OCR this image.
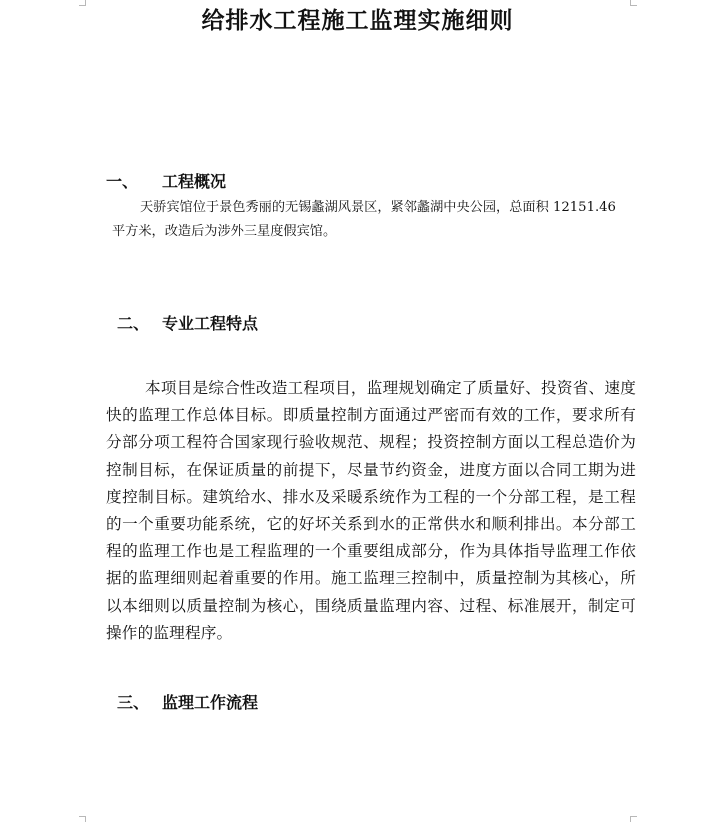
给排水工程施工监理实施细则
一、 工程概况
天骄宾馆位于景色秀丽的无锡蠡湖风景区，紧邻蠡湖中央公园，总面积 12151.46
平方米，改造后为涉外三星度假宾馆。
二、 专业工程特点
本项目是综合性改造工程项目，监理规划确定了质量好、投资省、速度快的监理工作总体目标。即质量控制方面通过严密而有效的工作，要求所有分部分项工程符合国家现行验收规范、规程；投资控制方面以工程总造价为控制目标，在保证质量的前提下，尽量节约资金，进度方面以合同工期为进度控制目标。建筑给水、排水及采暖系统作为工程的一个分部工程，是工程的一个重要功能系统，它的好坏关系到水的正常供水和顺利排出。本分部工程的监理工作也是工程监理的一个重要组成部分，作为具体指导监理工作依据的监理细则起着重要的作用。施工监理三控制中，质量控制为其核心，所以本细则以质量控制为核心，围绕质量监理内容、过程、标准展开，制定可操作的监理程序。
三、 监理工作流程
